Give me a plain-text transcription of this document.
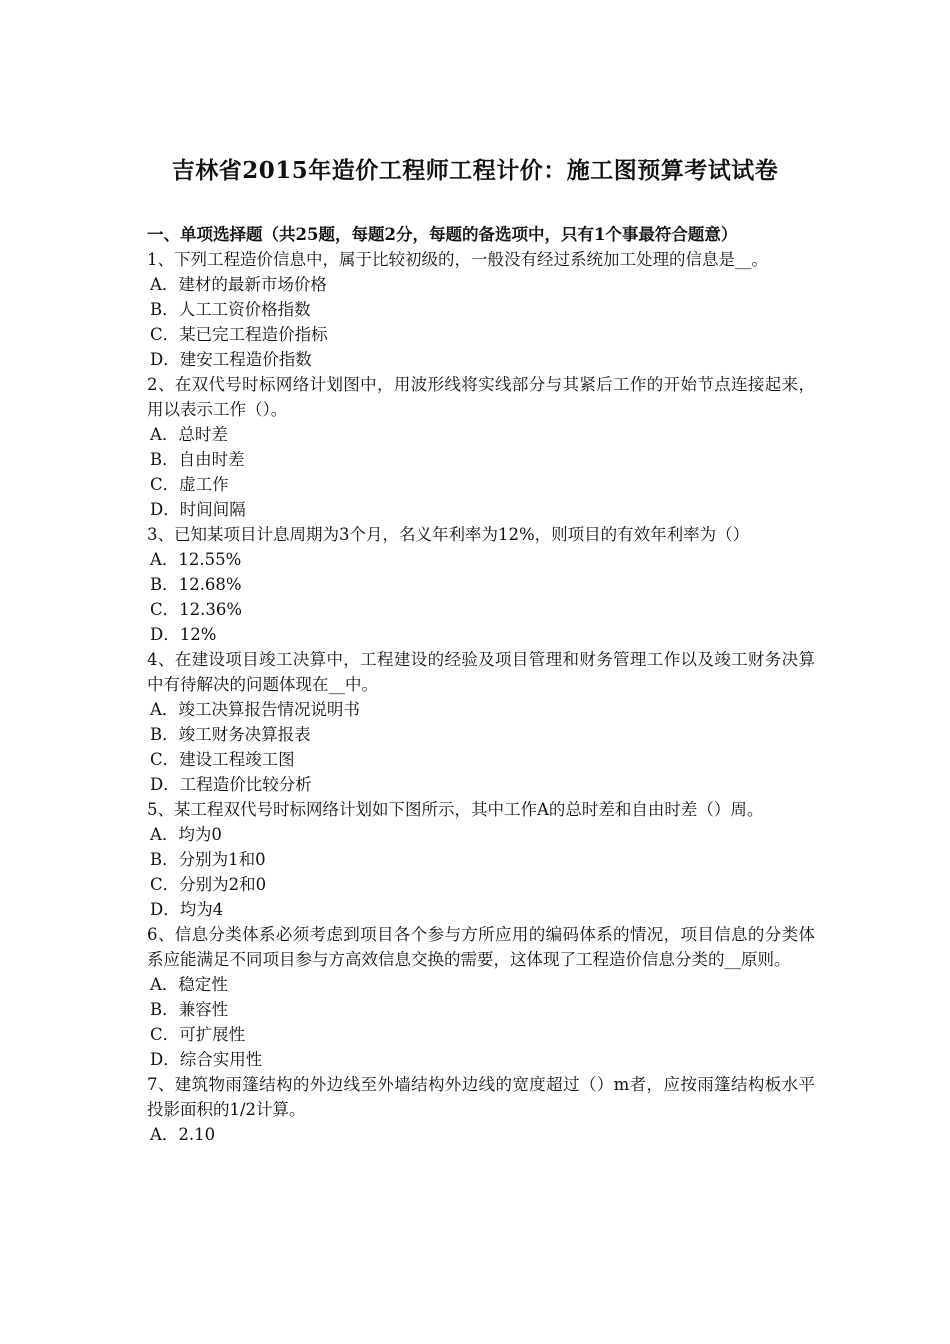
吉林省2015年造价工程师工程计价：施工图预算考试试卷
一、单项选择题（共25题，每题2分，每题的备选项中，只有1个事最符合题意）
1、下列工程造价信息中，属于比较初级的，一般没有经过系统加工处理的信息是__。
A．建材的最新市场价格
B．人工工资价格指数
C．某已完工程造价指标
D．建安工程造价指数
2、在双代号时标网络计划图中，用波形线将实线部分与其紧后工作的开始节点连接起来，用以表示工作（）。
A．总时差
B．自由时差
C．虚工作
D．时间间隔
3、已知某项目计息周期为3个月，名义年利率为12%，则项目的有效年利率为（）
A．12.55%
B．12.68%
C．12.36%
D．12%
4、在建设项目竣工决算中，工程建设的经验及项目管理和财务管理工作以及竣工财务决算中有待解决的问题体现在__中。
A．竣工决算报告情况说明书
B．竣工财务决算报表
C．建设工程竣工图
D．工程造价比较分析
5、某工程双代号时标网络计划如下图所示，其中工作A的总时差和自由时差（）周。
A．均为0
B．分别为1和0
C．分别为2和0
D．均为4
6、信息分类体系必须考虑到项目各个参与方所应用的编码体系的情况，项目信息的分类体系应能满足不同项目参与方高效信息交换的需要，这体现了工程造价信息分类的__原则。
A．稳定性
B．兼容性
C．可扩展性
D．综合实用性
7、建筑物雨篷结构的外边线至外墙结构外边线的宽度超过（）m者，应按雨篷结构板水平投影面积的1/2计算。
A．2.10
